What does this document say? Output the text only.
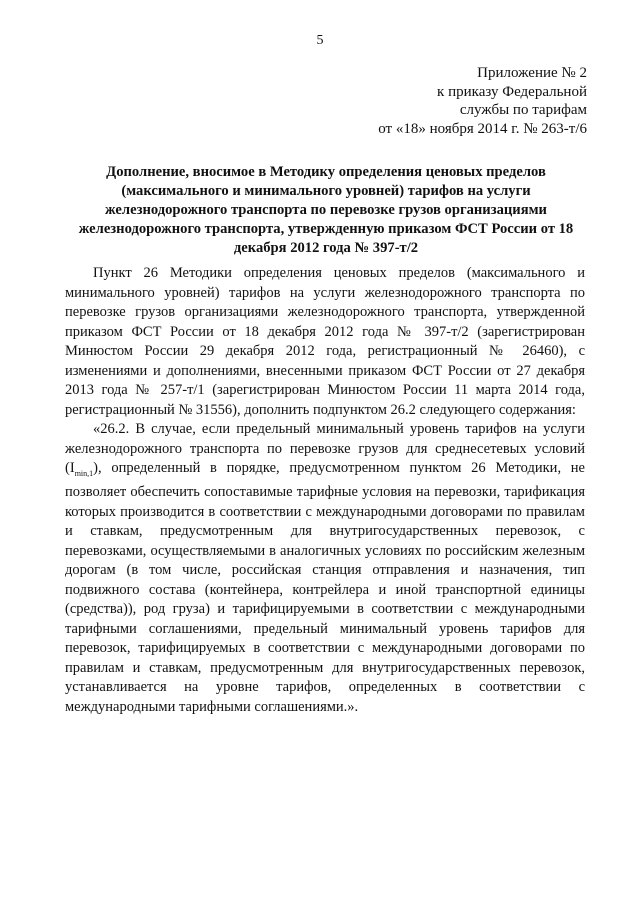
5
Приложение № 2
к приказу Федеральной
службы по тарифам
от «18» ноября 2014 г. № 263-т/6
Дополнение, вносимое в Методику определения ценовых пределов (максимального и минимального уровней) тарифов на услуги железнодорожного транспорта по перевозке грузов организациями железнодорожного транспорта, утвержденную приказом ФСТ России от 18 декабря 2012 года № 397-т/2

Пункт 26 Методики определения ценовых пределов (максимального и минимального уровней) тарифов на услуги железнодорожного транспорта по перевозке грузов организациями железнодорожного транспорта, утвержденной приказом ФСТ России от 18 декабря 2012 года № 397-т/2 (зарегистрирован Минюстом России 29 декабря 2012 года, регистрационный № 26460), с изменениями и дополнениями, внесенными приказом ФСТ России от 27 декабря 2013 года № 257-т/1 (зарегистрирован Минюстом России 11 марта 2014 года, регистрационный № 31556), дополнить подпунктом 26.2 следующего содержания:

«26.2. В случае, если предельный минимальный уровень тарифов на услуги железнодорожного транспорта по перевозке грузов для среднесетевых условий $(I_{min,1})$, определенный в порядке, предусмотренном пунктом 26 Методики, не позволяет обеспечить сопоставимые тарифные условия на перевозки, тарификация которых производится в соответствии с международными договорами по правилам и ставкам, предусмотренным для внутригосударственных перевозок, с перевозками, осуществляемыми в аналогичных условиях по российским железным дорогам (в том числе, российская станция отправления и назначения, тип подвижного состава (контейнера, контрейлера и иной транспортной единицы (средства)), род груза) и тарифицируемыми в соответствии с международными тарифными соглашениями, предельный минимальный уровень тарифов для перевозок, тарифицируемых в соответствии с международными договорами по правилам и ставкам, предусмотренным для внутригосударственных перевозок, устанавливается на уровне тарифов, определенных в соответствии с международными тарифными соглашениями.».
